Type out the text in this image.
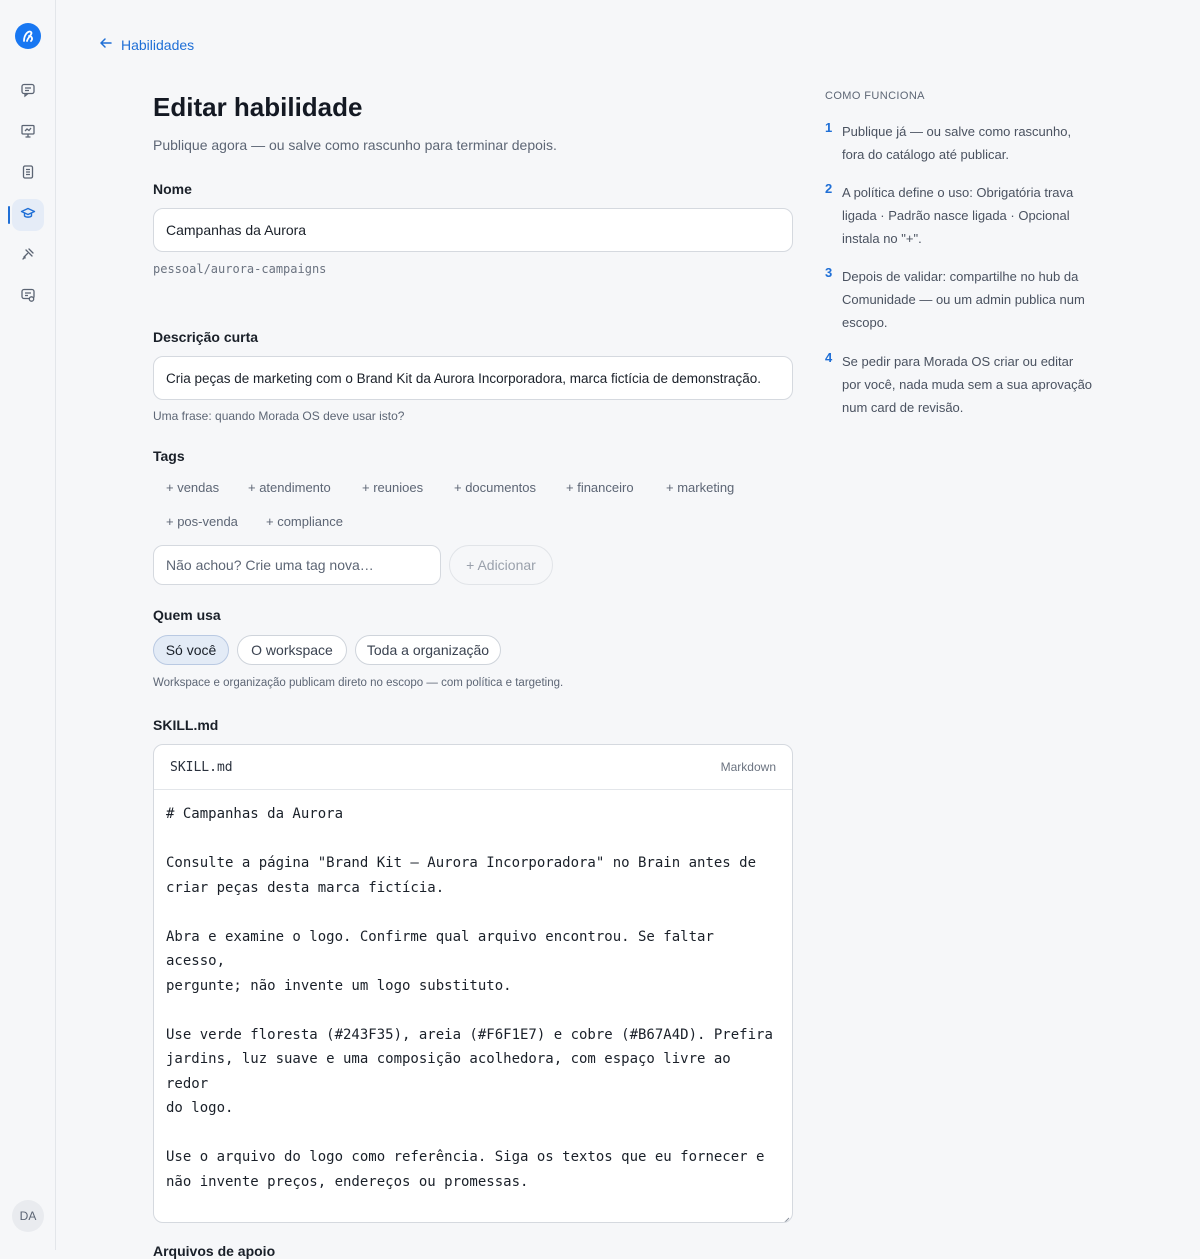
DA
Habilidades
Editar habilidade
Publique agora — ou salve como rascunho para terminar depois.
Nome
Campanhas da Aurora
pessoal/aurora-campaigns
Descrição curta
Cria peças de marketing com o Brand Kit da Aurora Incorporadora, marca fictícia de demonstração.
Uma frase: quando Morada OS deve usar isto?
Tags
+ vendas + atendimento + reunioes + documentos + financeiro + marketing
+ pos-venda + compliance
Não achou? Crie uma tag nova…
+ Adicionar
Quem usa
Só você	O workspace	Toda a organização
Workspace e organização publicam direto no escopo — com política e targeting.
SKILL.md
SKILL.md	Markdown
# Campanhas da Aurora

Consulte a página "Brand Kit — Aurora Incorporadora" no Brain antes de
criar peças desta marca fictícia.

Abra e examine o logo. Confirme qual arquivo encontrou. Se faltar acesso,
pergunte; não invente um logo substituto.

Use verde floresta (#243F35), areia (#F6F1E7) e cobre (#B67A4D). Prefira
jardins, luz suave e uma composição acolhedora, com espaço livre ao redor
do logo.

Use o arquivo do logo como referência. Siga os textos que eu fornecer e
não invente preços, endereços ou promessas.

Arquivos de apoio
COMO FUNCIONA
1 Publique já — ou salve como rascunho, fora do catálogo até publicar.
2 A política define o uso: Obrigatória trava ligada · Padrão nasce ligada · Opcional instala no "+".
3 Depois de validar: compartilhe no hub da Comunidade — ou um admin publica num escopo.
4 Se pedir para Morada OS criar ou editar por você, nada muda sem a sua aprovação num card de revisão.
